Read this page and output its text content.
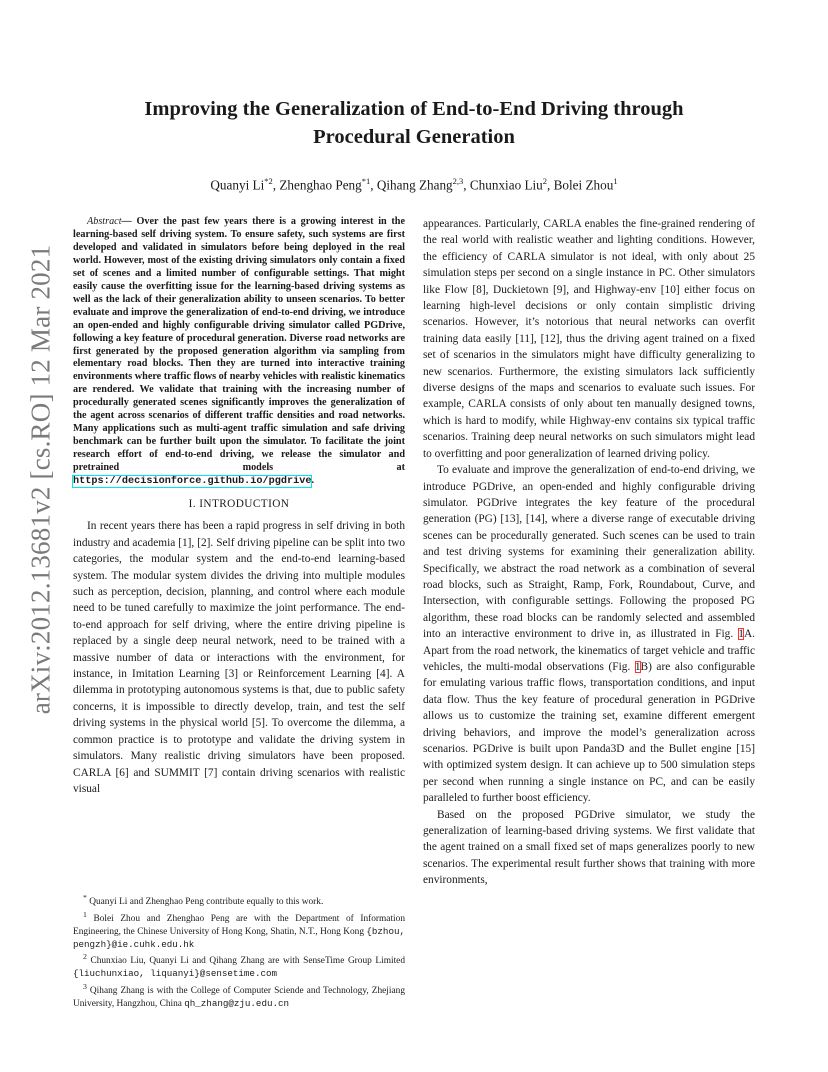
arXiv:2012.13681v2 [cs.RO] 12 Mar 2021
Improving the Generalization of End-to-End Driving through
Procedural Generation
Quanyi Li$^{*2}$, Zhenghao Peng$^{*1}$, Qihang Zhang$^{2,3}$, Chunxiao Liu$^2$, Bolei Zhou$^1$

Abstract— Over the past few years there is a growing interest in the learning-based self driving system. To ensure safety, such systems are first developed and validated in simulators before being deployed in the real world. However, most of the existing driving simulators only contain a fixed set of scenes and a limited number of configurable settings. That might easily cause the overfitting issue for the learning-based driving systems as well as the lack of their generalization ability to unseen scenarios. To better evaluate and improve the generalization of end-to-end driving, we introduce an open-ended and highly configurable driving simulator called PGDrive, following a key feature of procedural generation. Diverse road networks are first generated by the proposed generation algorithm via sampling from elementary road blocks. Then they are turned into interactive training environments where traffic flows of nearby vehicles with realistic kinematics are rendered. We validate that training with the increasing number of procedurally generated scenes significantly improves the generalization of the agent across scenarios of different traffic densities and road networks. Many applications such as multi-agent traffic simulation and safe driving benchmark can be further built upon the simulator. To facilitate the joint research effort of end-to-end driving, we release the simulator and pretrained models at https://decisionforce.github.io/pgdrive.

I. INTRODUCTION

In recent years there has been a rapid progress in self driving in both industry and academia [1], [2]. Self driving pipeline can be split into two categories, the modular system and the end-to-end learning-based system. The modular system divides the driving into multiple modules such as perception, decision, planning, and control where each module need to be tuned carefully to maximize the joint performance. The end-to-end approach for self driving, where the entire driving pipeline is replaced by a single deep neural network, need to be trained with a massive number of data or interactions with the environment, for instance, in Imitation Learning [3] or Reinforcement Learning [4]. A dilemma in prototyping autonomous systems is that, due to public safety concerns, it is impossible to directly develop, train, and test the self driving systems in the physical world [5]. To overcome the dilemma, a common practice is to prototype and validate the driving system in simulators. Many realistic driving simulators have been proposed. CARLA [6] and SUMMIT [7] contain driving scenarios with realistic visual

* Quanyi Li and Zhenghao Peng contribute equally to this work.

$^1$ Bolei Zhou and Zhenghao Peng are with the Department of Information Engineering, the Chinese University of Hong Kong, Shatin, N.T., Hong Kong {bzhou, pengzh}@ie.cuhk.edu.hk

$^2$ Chunxiao Liu, Quanyi Li and Qihang Zhang are with SenseTime Group Limited {liuchunxiao, liquanyi}@sensetime.com

$^3$ Qihang Zhang is with the College of Computer Sciende and Technology, Zhejiang University, Hangzhou, China qh_zhang@zju.edu.cn

appearances. Particularly, CARLA enables the fine-grained rendering of the real world with realistic weather and lighting conditions. However, the efficiency of CARLA simulator is not ideal, with only about 25 simulation steps per second on a single instance in PC. Other simulators like Flow [8], Duckietown [9], and Highway-env [10] either focus on learning high-level decisions or only contain simplistic driving scenarios. However, it’s notorious that neural networks can overfit training data easily [11], [12], thus the driving agent trained on a fixed set of scenarios in the simulators might have difficulty generalizing to new scenarios. Furthermore, the existing simulators lack sufficiently diverse designs of the maps and scenarios to evaluate such issues. For example, CARLA consists of only about ten manually designed towns, which is hard to modify, while Highway-env contains six typical traffic scenarios. Training deep neural networks on such simulators might lead to overfitting and poor generalization of learned driving policy.

To evaluate and improve the generalization of end-to-end driving, we introduce PGDrive, an open-ended and highly configurable driving simulator. PGDrive integrates the key feature of the procedural generation (PG) [13], [14], where a diverse range of executable driving scenes can be procedurally generated. Such scenes can be used to train and test driving systems for examining their generalization ability. Specifically, we abstract the road network as a combination of several road blocks, such as Straight, Ramp, Fork, Roundabout, Curve, and Intersection, with configurable settings. Following the proposed PG algorithm, these road blocks can be randomly selected and assembled into an interactive environment to drive in, as illustrated in Fig. 1A. Apart from the road network, the kinematics of target vehicle and traffic vehicles, the multi-modal observations (Fig. 1B) are also configurable for emulating various traffic flows, transportation conditions, and input data flow. Thus the key feature of procedural generation in PGDrive allows us to customize the training set, examine different emergent driving behaviors, and improve the model’s generalization across scenarios. PGDrive is built upon Panda3D and the Bullet engine [15] with optimized system design. It can achieve up to 500 simulation steps per second when running a single instance on PC, and can be easily paralleled to further boost efficiency.

Based on the proposed PGDrive simulator, we study the generalization of learning-based driving systems. We first validate that the agent trained on a small fixed set of maps generalizes poorly to new scenarios. The experimental result further shows that training with more environments,
